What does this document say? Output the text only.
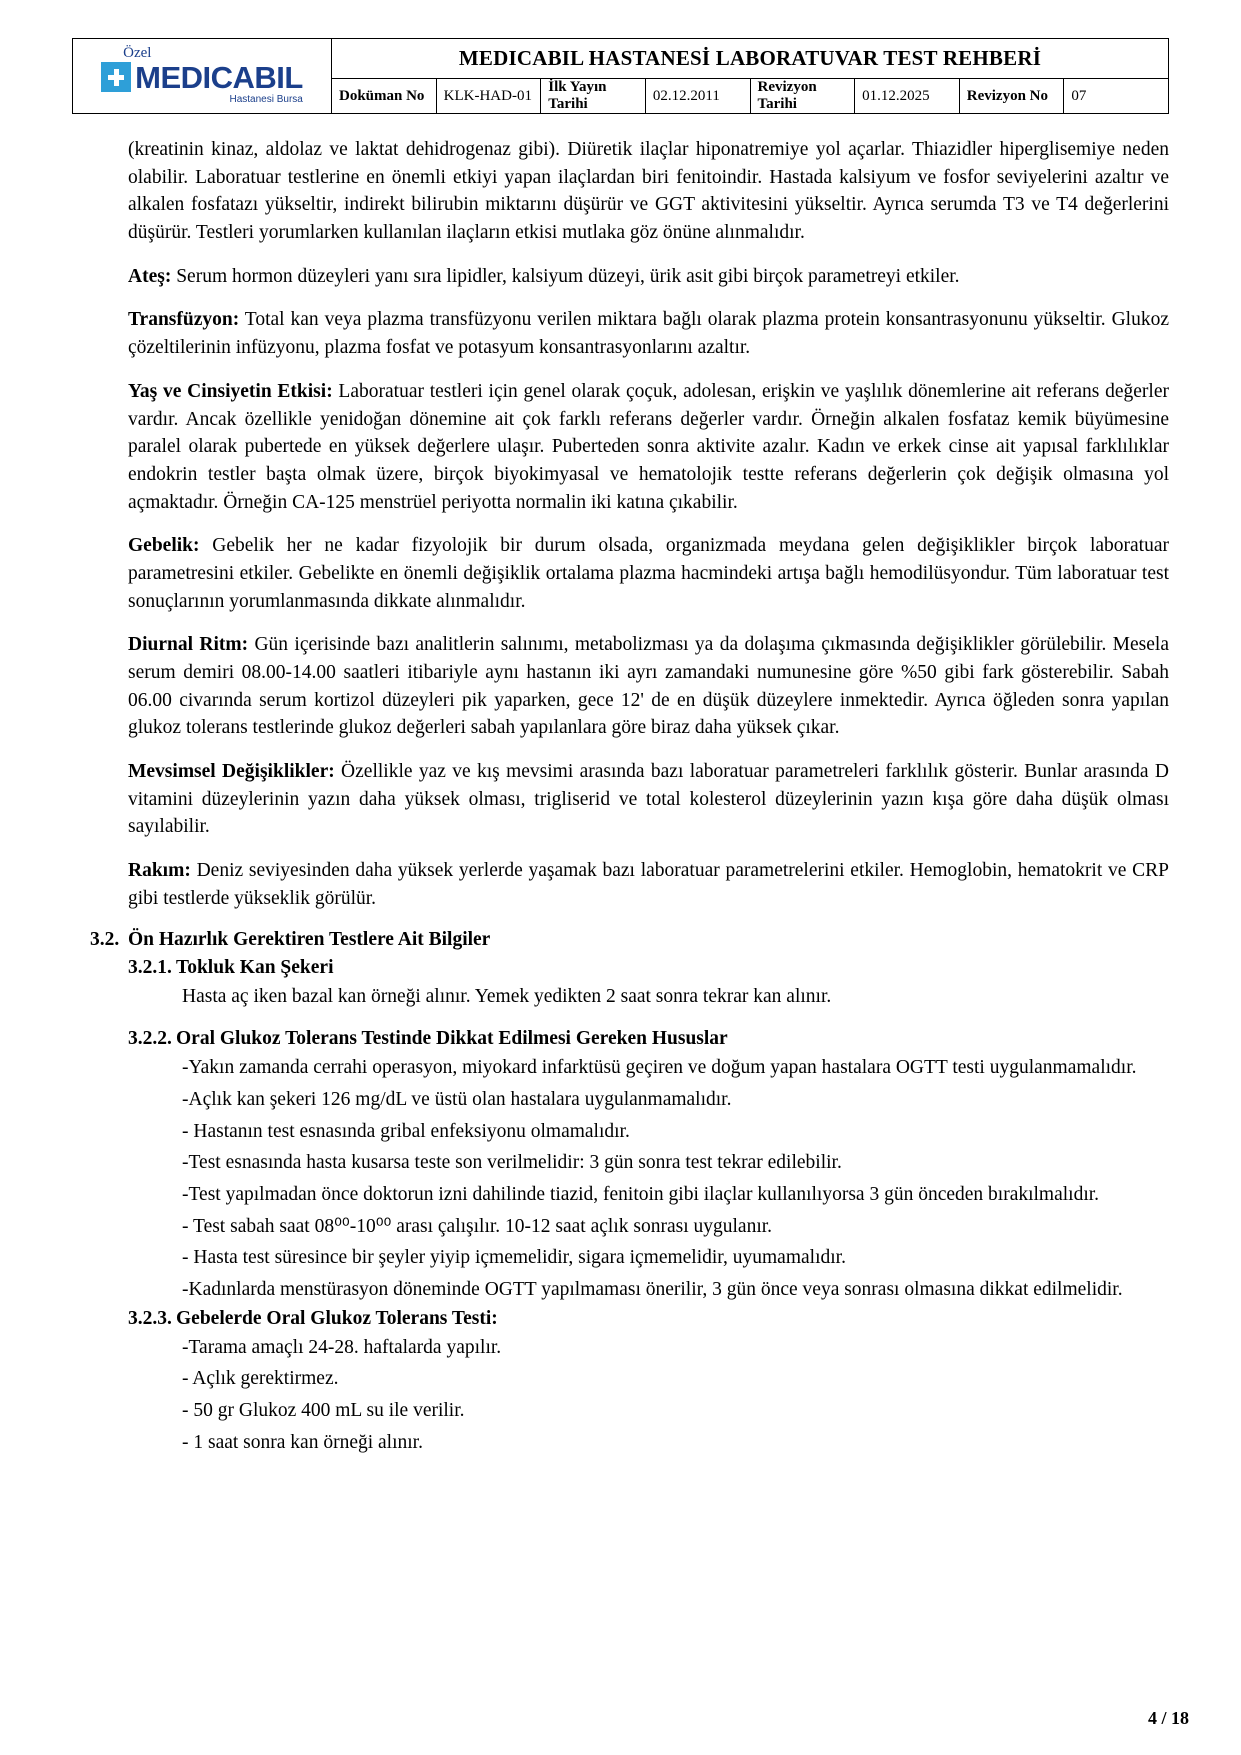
Özel
MEDICABIL
Hastanesi Bursa	MEDICABIL HASTANESİ LABORATUVAR TEST REHBERİ							
	Doküman No	KLK-HAD-01	İlk Yayın Tarihi	02.12.2011	Revizyon Tarihi	01.12.2025	Revizyon No	07

(kreatinin kinaz, aldolaz ve laktat dehidrogenaz gibi). Diüretik ilaçlar hiponatremiye yol açarlar. Thiazidler hiperglisemiye neden olabilir. Laboratuar testlerine en önemli etkiyi yapan ilaçlardan biri fenitoindir. Hastada kalsiyum ve fosfor seviyelerini azaltır ve alkalen fosfatazı yükseltir, indirekt bilirubin miktarını düşürür ve GGT aktivitesini yükseltir. Ayrıca serumda T3 ve T4 değerlerini düşürür. Testleri yorumlarken kullanılan ilaçların etkisi mutlaka göz önüne alınmalıdır.

Ateş: Serum hormon düzeyleri yanı sıra lipidler, kalsiyum düzeyi, ürik asit gibi birçok parametreyi etkiler.

Transfüzyon: Total kan veya plazma transfüzyonu verilen miktara bağlı olarak plazma protein konsantrasyonunu yükseltir. Glukoz çözeltilerinin infüzyonu, plazma fosfat ve potasyum konsantrasyonlarını azaltır.

Yaş ve Cinsiyetin Etkisi: Laboratuar testleri için genel olarak çoçuk, adolesan, erişkin ve yaşlılık dönemlerine ait referans değerler vardır. Ancak özellikle yenidoğan dönemine ait çok farklı referans değerler vardır. Örneğin alkalen fosfataz kemik büyümesine paralel olarak pubertede en yüksek değerlere ulaşır. Puberteden sonra aktivite azalır. Kadın ve erkek cinse ait yapısal farklılıklar endokrin testler başta olmak üzere, birçok biyokimyasal ve hematolojik testte referans değerlerin çok değişik olmasına yol açmaktadır. Örneğin CA-125 menstrüel periyotta normalin iki katına çıkabilir.

Gebelik: Gebelik her ne kadar fizyolojik bir durum olsada, organizmada meydana gelen değişiklikler birçok laboratuar parametresini etkiler. Gebelikte en önemli değişiklik ortalama plazma hacmindeki artışa bağlı hemodilüsyondur. Tüm laboratuar test sonuçlarının yorumlanmasında dikkate alınmalıdır.

Diurnal Ritm: Gün içerisinde bazı analitlerin salınımı, metabolizması ya da dolaşıma çıkmasında değişiklikler görülebilir. Mesela serum demiri 08.00-14.00 saatleri itibariyle aynı hastanın iki ayrı zamandaki numunesine göre %50 gibi fark gösterebilir. Sabah 06.00 civarında serum kortizol düzeyleri pik yaparken, gece 12' de en düşük düzeylere inmektedir. Ayrıca öğleden sonra yapılan glukoz tolerans testlerinde glukoz değerleri sabah yapılanlara göre biraz daha yüksek çıkar.

Mevsimsel Değişiklikler: Özellikle yaz ve kış mevsimi arasında bazı laboratuar parametreleri farklılık gösterir. Bunlar arasında D vitamini düzeylerinin yazın daha yüksek olması, trigliserid ve total kolesterol düzeylerinin yazın kışa göre daha düşük olması sayılabilir.

Rakım: Deniz seviyesinden daha yüksek yerlerde yaşamak bazı laboratuar parametrelerini etkiler. Hemoglobin, hematokrit ve CRP gibi testlerde yükseklik görülür.

3.2. Ön Hazırlık Gerektiren Testlere Ait Bilgiler
3.2.1. Tokluk Kan Şekeri

Hasta aç iken bazal kan örneği alınır. Yemek yedikten 2 saat sonra tekrar kan alınır.

3.2.2. Oral Glukoz Tolerans Testinde Dikkat Edilmesi Gereken Hususlar

-Yakın zamanda cerrahi operasyon, miyokard infarktüsü geçiren ve doğum yapan hastalara OGTT testi uygulanmamalıdır.

-Açlık kan şekeri 126 mg/dL ve üstü olan hastalara uygulanmamalıdır.

- Hastanın test esnasında gribal enfeksiyonu olmamalıdır.

-Test esnasında hasta kusarsa teste son verilmelidir: 3 gün sonra test tekrar edilebilir.

-Test yapılmadan önce doktorun izni dahilinde tiazid, fenitoin gibi ilaçlar kullanılıyorsa 3 gün önceden bırakılmalıdır.

- Test sabah saat 08⁰⁰-10⁰⁰ arası çalışılır. 10-12 saat açlık sonrası uygulanır.

- Hasta test süresince bir şeyler yiyip içmemelidir, sigara içmemelidir, uyumamalıdır.

-Kadınlarda menstürasyon döneminde OGTT yapılmaması önerilir, 3 gün önce veya sonrası olmasına dikkat edilmelidir.

3.2.3. Gebelerde Oral Glukoz Tolerans Testi:

-Tarama amaçlı 24-28. haftalarda yapılır.

- Açlık gerektirmez.

- 50 gr Glukoz 400 mL su ile verilir.

- 1 saat sonra kan örneği alınır.

4 / 18
